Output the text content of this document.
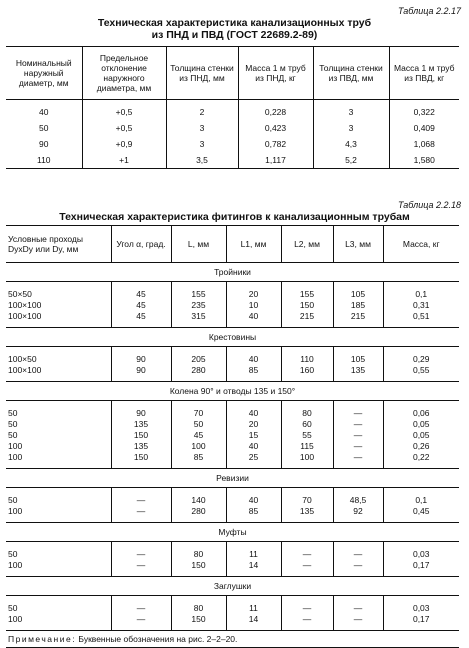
Таблица 2.2.17
Техническая характеристика канализационных труб
из ПНД и ПВД (ГОСТ 22689.2-89)
Номинальный наружный диаметр, мм	Предельное отклонение наружного диаметра, мм	Толщина стенки из ПНД, мм	Масса 1 м труб из ПНД, кг	Толщина стенки из ПВД, мм	Масса 1 м труб из ПВД, кг
40	+0,5	2	0,228	3	0,322
50	+0,5	3	0,423	3	0,409
90	+0,9	3	0,782	4,3	1,068
110	+1	3,5	1,117	5,2	1,580
Таблица 2.2.18
Техническая характеристика фитингов к канализационным трубам
Условные проходы DyxDy или Dy, мм	Угол α, град.	L, мм	L1, мм	L2, мм	L3, мм	Масса, кг
Тройники						

50×50	45	155	20	155	105	0,1
100×100	45	235	10	150	185	0,31
100×100	45	315	40	215	215	0,51

Крестовины						

100×50	90	205	40	110	105	0,29
100×100	90	280	85	160	135	0,55

Колена 90° и отводы 135 и 150°						

50	90	70	40	80	—	0,06
50	135	50	20	60	—	0,05
50	150	45	15	55	—	0,05
100	135	100	40	115	—	0,26
100	150	85	25	100	—	0,22

Ревизии						

50	—	140	40	70	48,5	0,1
100	—	280	85	135	92	0,45

Муфты						

50	—	80	11	—	—	0,03
100	—	150	14	—	—	0,17

Заглушки						

50	—	80	11	—	—	0,03
100	—	150	14	—	—	0,17

Примечание: Буквенные обозначения на рис. 2–2–20.						
